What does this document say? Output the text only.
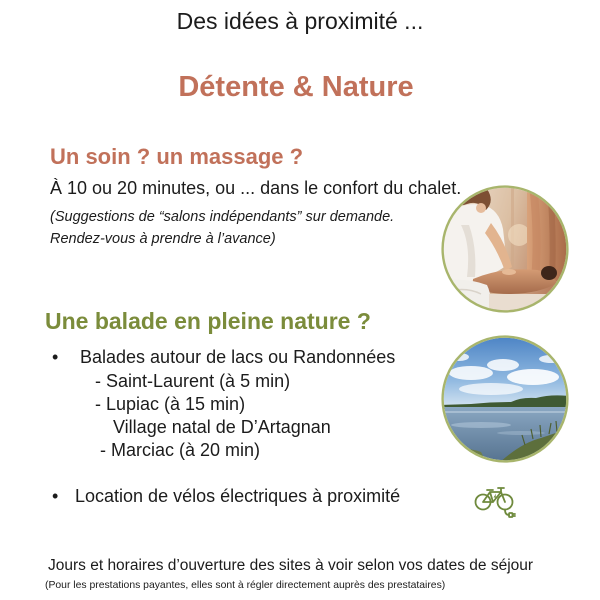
Des idées à proximité ...
Détente & Nature
Un soin ? un massage ?
À 10 ou 20 minutes, ou ... dans le confort du chalet.
(Suggestions de “salons indépendants” sur demande.
Rendez-vous à prendre à l’avance)
Une balade en pleine nature ?
• Balades autour de lacs ou Randonnées
- Saint-Laurent (à 5 min)
- Lupiac (à 15 min)
Village natal de D’Artagnan
- Marciac (à 20 min)
• Location de vélos électriques à proximité
Jours et horaires d’ouverture des sites à voir selon vos dates de séjour
(Pour les prestations payantes, elles sont à régler directement auprès des prestataires)
